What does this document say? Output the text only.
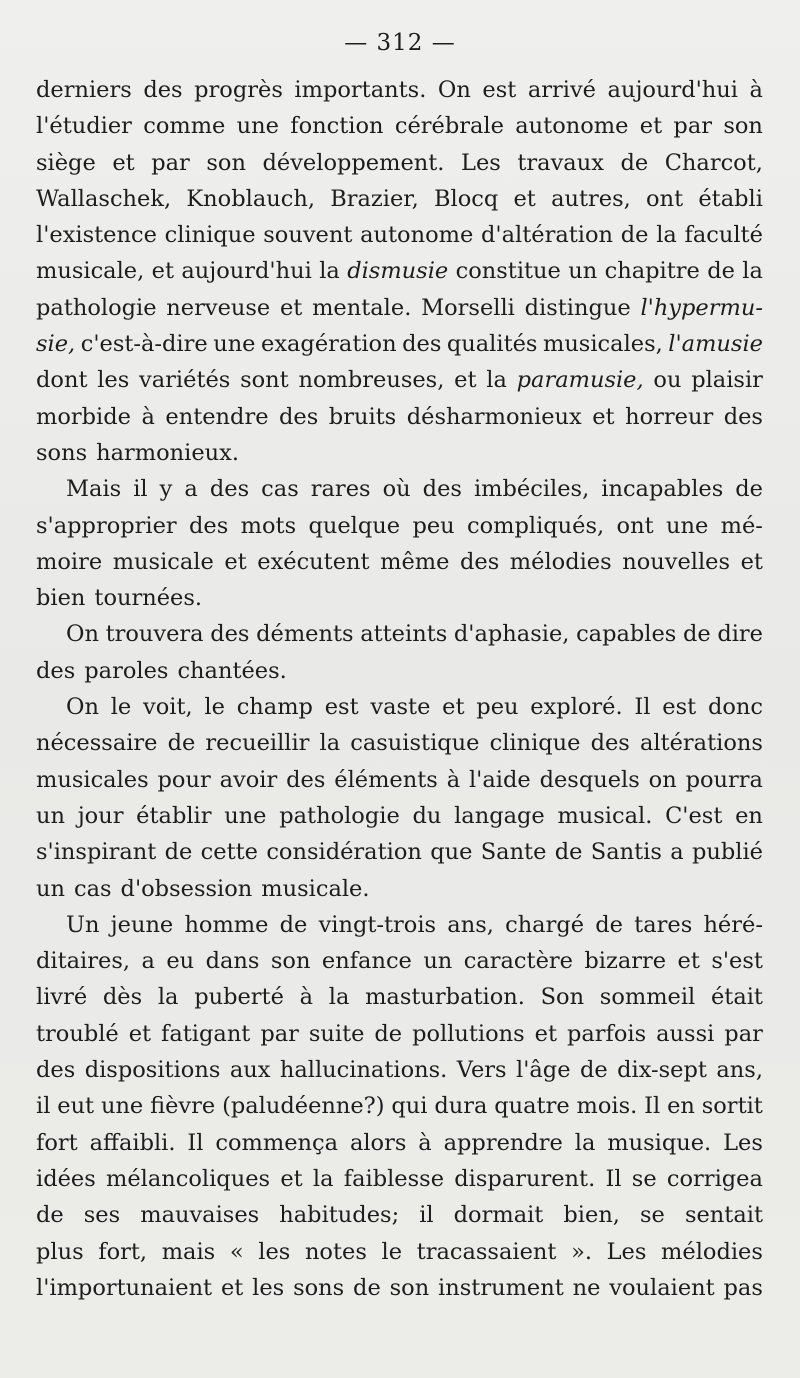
— 312 —
derniers des progrès importants. On est arrivé aujourd'hui à
l'étudier comme une fonction cérébrale autonome et par son
siège et par son développement. Les travaux de Charcot,
Wallaschek, Knoblauch, Brazier, Blocq et autres, ont établi
l'existence clinique souvent autonome d'altération de la faculté
musicale, et aujourd'hui la dismusie constitue un chapitre de la
pathologie nerveuse et mentale. Morselli distingue l'hypermu-
sie, c'est-à-dire une exagération des qualités musicales, l'amusie
dont les variétés sont nombreuses, et la paramusie, ou plaisir
morbide à entendre des bruits désharmonieux et horreur des
sons harmonieux.
Mais il y a des cas rares où des imbéciles, incapables de
s'approprier des mots quelque peu compliqués, ont une mé-
moire musicale et exécutent même des mélodies nouvelles et
bien tournées.
On trouvera des déments atteints d'aphasie, capables de dire
des paroles chantées.
On le voit, le champ est vaste et peu exploré. Il est donc
nécessaire de recueillir la casuistique clinique des altérations
musicales pour avoir des éléments à l'aide desquels on pourra
un jour établir une pathologie du langage musical. C'est en
s'inspirant de cette considération que Sante de Santis a publié
un cas d'obsession musicale.
Un jeune homme de vingt-trois ans, chargé de tares héré-
ditaires, a eu dans son enfance un caractère bizarre et s'est
livré dès la puberté à la masturbation. Son sommeil était
troublé et fatigant par suite de pollutions et parfois aussi par
des dispositions aux hallucinations. Vers l'âge de dix-sept ans,
il eut une fièvre (paludéenne?) qui dura quatre mois. Il en sortit
fort affaibli. Il commença alors à apprendre la musique. Les
idées mélancoliques et la faiblesse disparurent. Il se corrigea
de ses mauvaises habitudes; il dormait bien, se sentait
plus fort, mais « les notes le tracassaient ». Les mélodies
l'importunaient et les sons de son instrument ne voulaient pas
